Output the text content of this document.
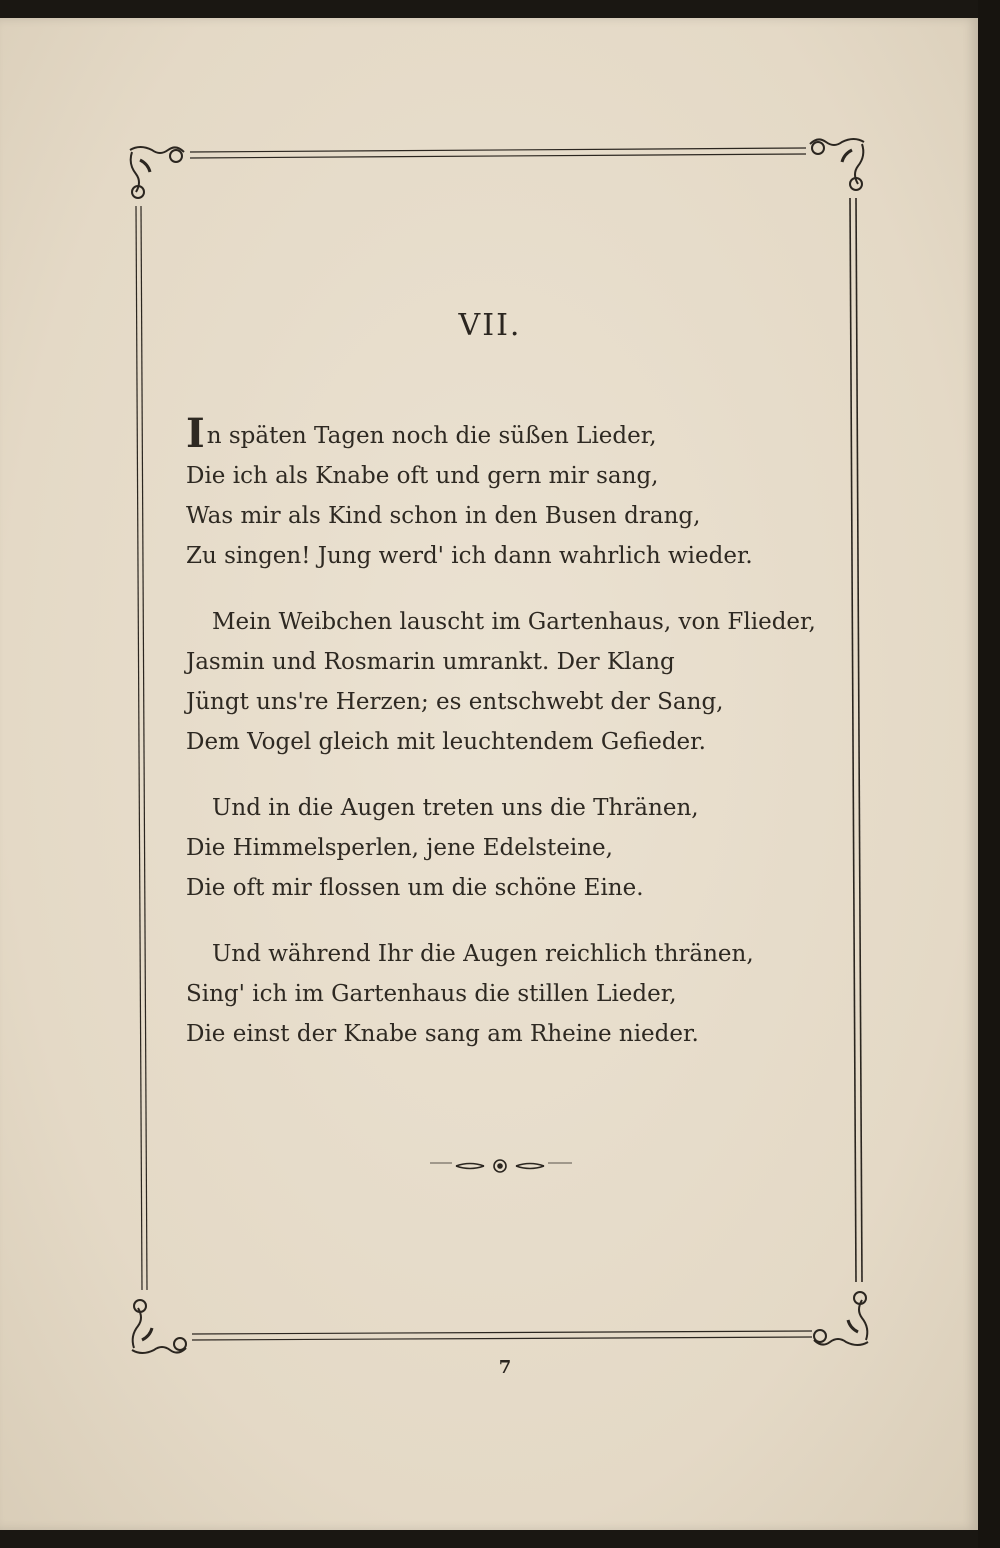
VII.
In späten Tagen noch die süßen Lieder,
Die ich als Knabe oft und gern mir sang,
Was mir als Kind schon in den Busen drang,
Zu singen! Jung werd' ich dann wahrlich wieder.
Mein Weibchen lauscht im Gartenhaus, von Flieder,
Jasmin und Rosmarin umrankt. Der Klang
Jüngt uns're Herzen; es entschwebt der Sang,
Dem Vogel gleich mit leuchtendem Gefieder.
Und in die Augen treten uns die Thränen,
Die Himmelsperlen, jene Edelsteine,
Die oft mir flossen um die schöne Eine.
Und während Ihr die Augen reichlich thränen,
Sing' ich im Gartenhaus die stillen Lieder,
Die einst der Knabe sang am Rheine nieder.
7
